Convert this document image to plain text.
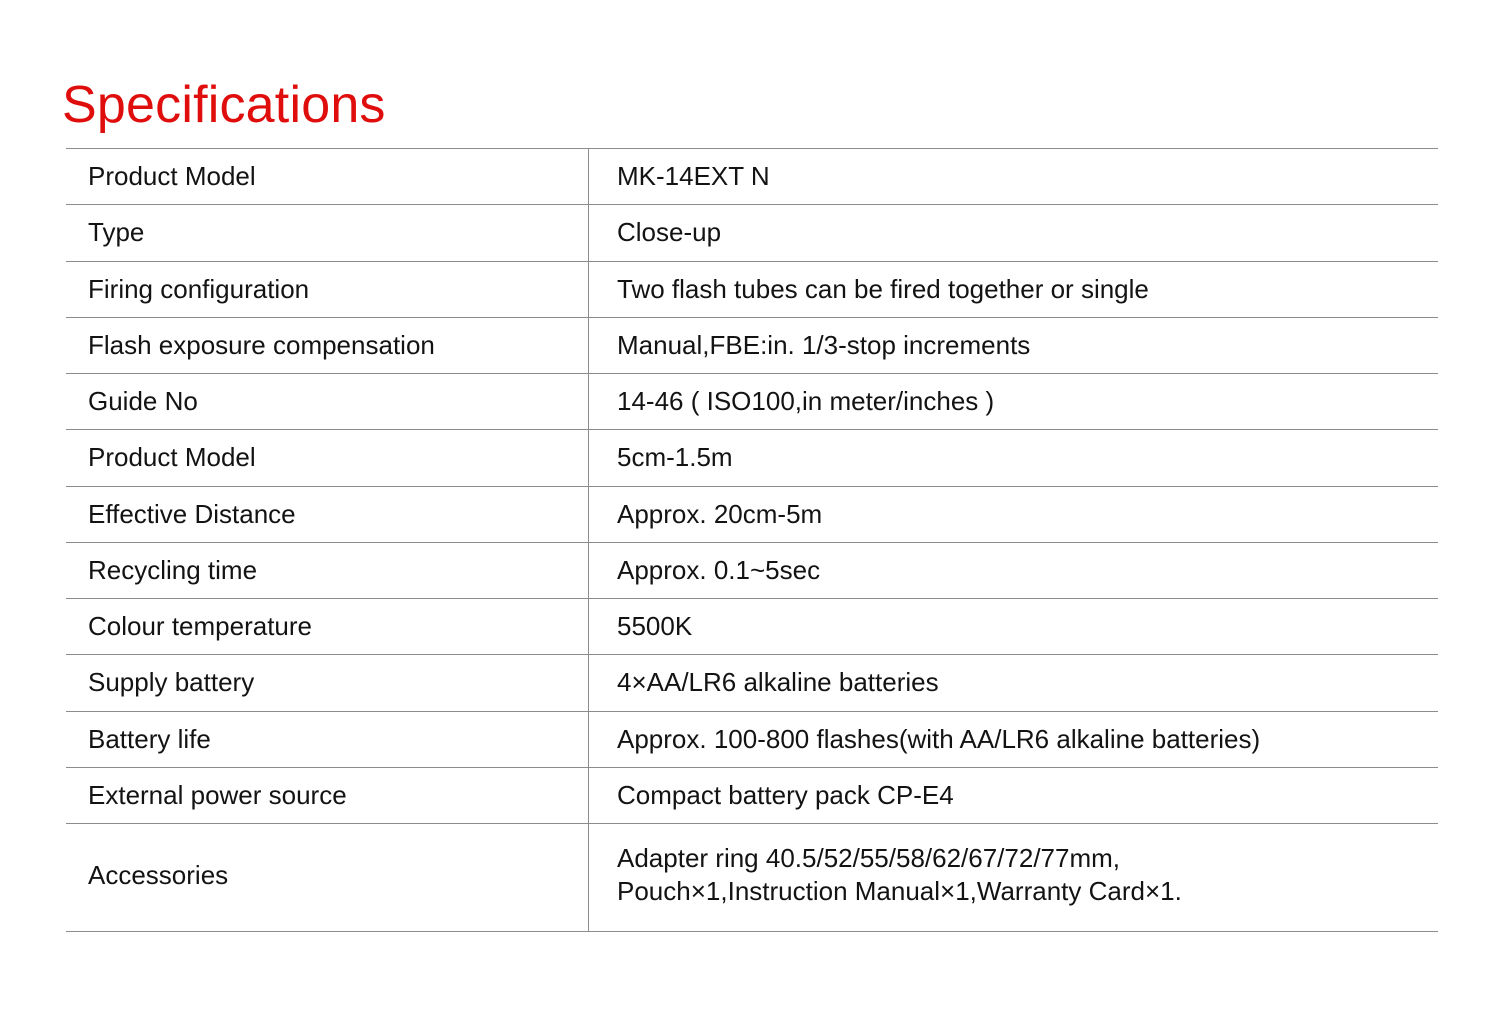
Specifications
Product Model	MK-14EXT N

Type	Close-up

Firing configuration	Two flash tubes can be fired together or single

Flash exposure compensation	Manual,FBE:in. 1/3-stop increments

Guide No	14-46 ( ISO100,in meter/inches )

Product Model	5cm-1.5m

Effective Distance	Approx. 20cm-5m

Recycling time	Approx. 0.1~5sec

Colour temperature	5500K

Supply battery	4×AA/LR6 alkaline batteries

Battery life	Approx. 100-800 flashes(with AA/LR6 alkaline batteries)

External power source	Compact battery pack CP-E4

Accessories	Adapter ring 40.5/52/55/58/62/67/72/77mm,
Pouch×1,Instruction Manual×1,Warranty Card×1.
